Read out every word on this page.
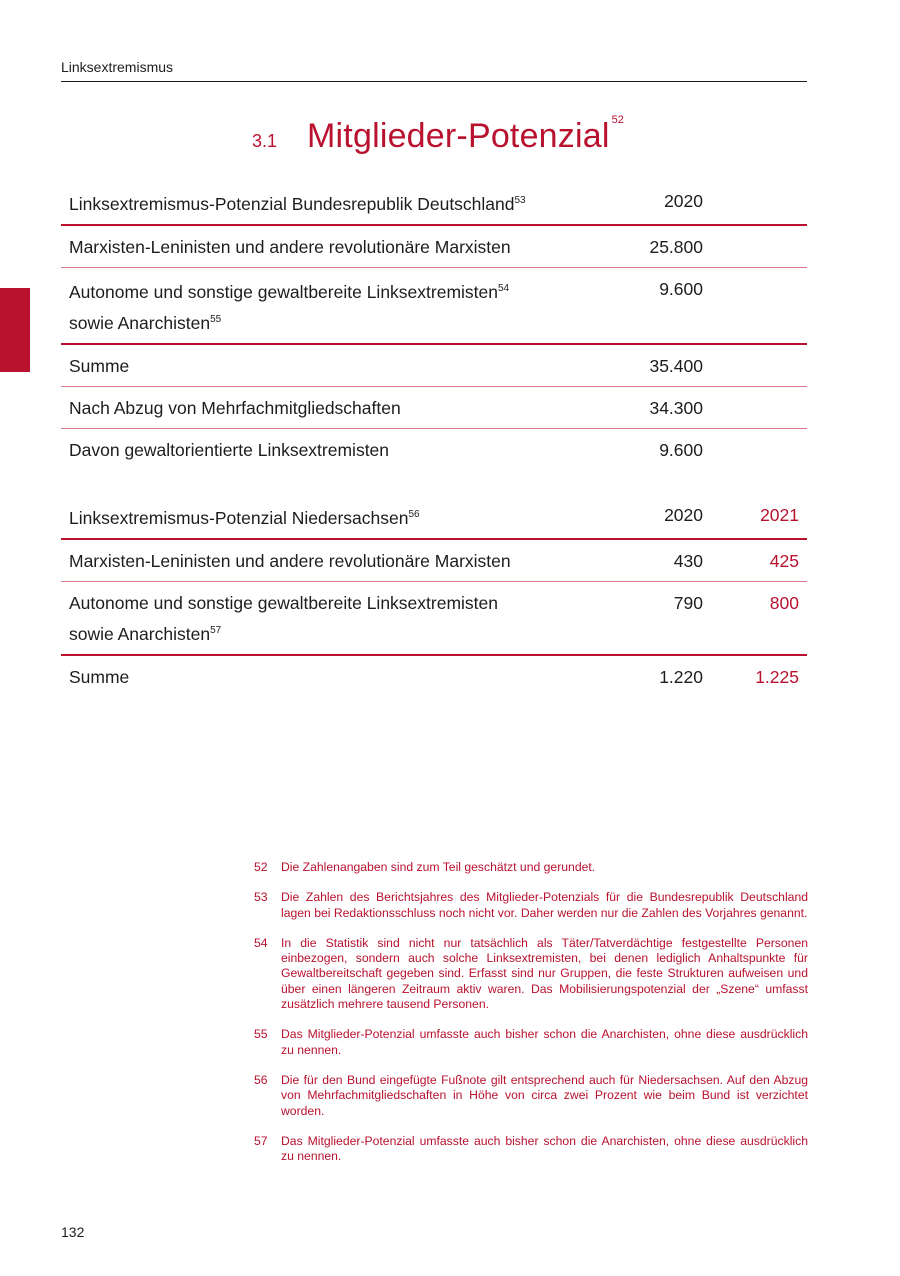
Linksextremismus
3.1 Mitglieder-Potenzial $^{52}$
Linksextremismus-Potenzial Bundesrepublik Deutschland$^{53}$	2020	
Marxisten-Leninisten und andere revolutionäre Marxisten	25.800	
Autonome und sonstige gewaltbereite Linksextremisten$^{54}$
sowie Anarchisten$^{55}$	9.600	
Summe	35.400	
Nach Abzug von Mehrfachmitgliedschaften	34.300	
Davon gewaltorientierte Linksextremisten	9.600	
Linksextremismus-Potenzial Niedersachsen$^{56}$	2020	2021
Marxisten-Leninisten und andere revolutionäre Marxisten	430	425
Autonome und sonstige gewaltbereite Linksextremisten
sowie Anarchisten$^{57}$	790	800
Summe	1.220	1.225
52	Die Zahlenangaben sind zum Teil geschätzt und gerundet.
53	Die Zahlen des Berichtsjahres des Mitglieder-Potenzials für die Bundesrepublik Deutschland lagen bei Redaktionsschluss noch nicht vor. Daher werden nur die Zahlen des Vorjahres genannt.
54	In die Statistik sind nicht nur tatsächlich als Täter/Tatverdächtige festgestellte Personen einbezogen, sondern auch solche Linksextremisten, bei denen lediglich Anhaltspunkte für Gewaltbereitschaft gegeben sind. Erfasst sind nur Gruppen, die feste Strukturen aufweisen und über einen längeren Zeitraum aktiv waren. Das Mobilisierungspotenzial der „Szene“ umfasst zusätzlich mehrere tausend Personen.
55	Das Mitglieder-Potenzial umfasste auch bisher schon die Anarchisten, ohne diese ausdrücklich zu nennen.
56	Die für den Bund eingefügte Fußnote gilt entsprechend auch für Niedersachsen. Auf den Abzug von Mehrfachmitgliedschaften in Höhe von circa zwei Prozent wie beim Bund ist verzichtet worden.
57	Das Mitglieder-Potenzial umfasste auch bisher schon die Anarchisten, ohne diese ausdrücklich zu nennen.
132
